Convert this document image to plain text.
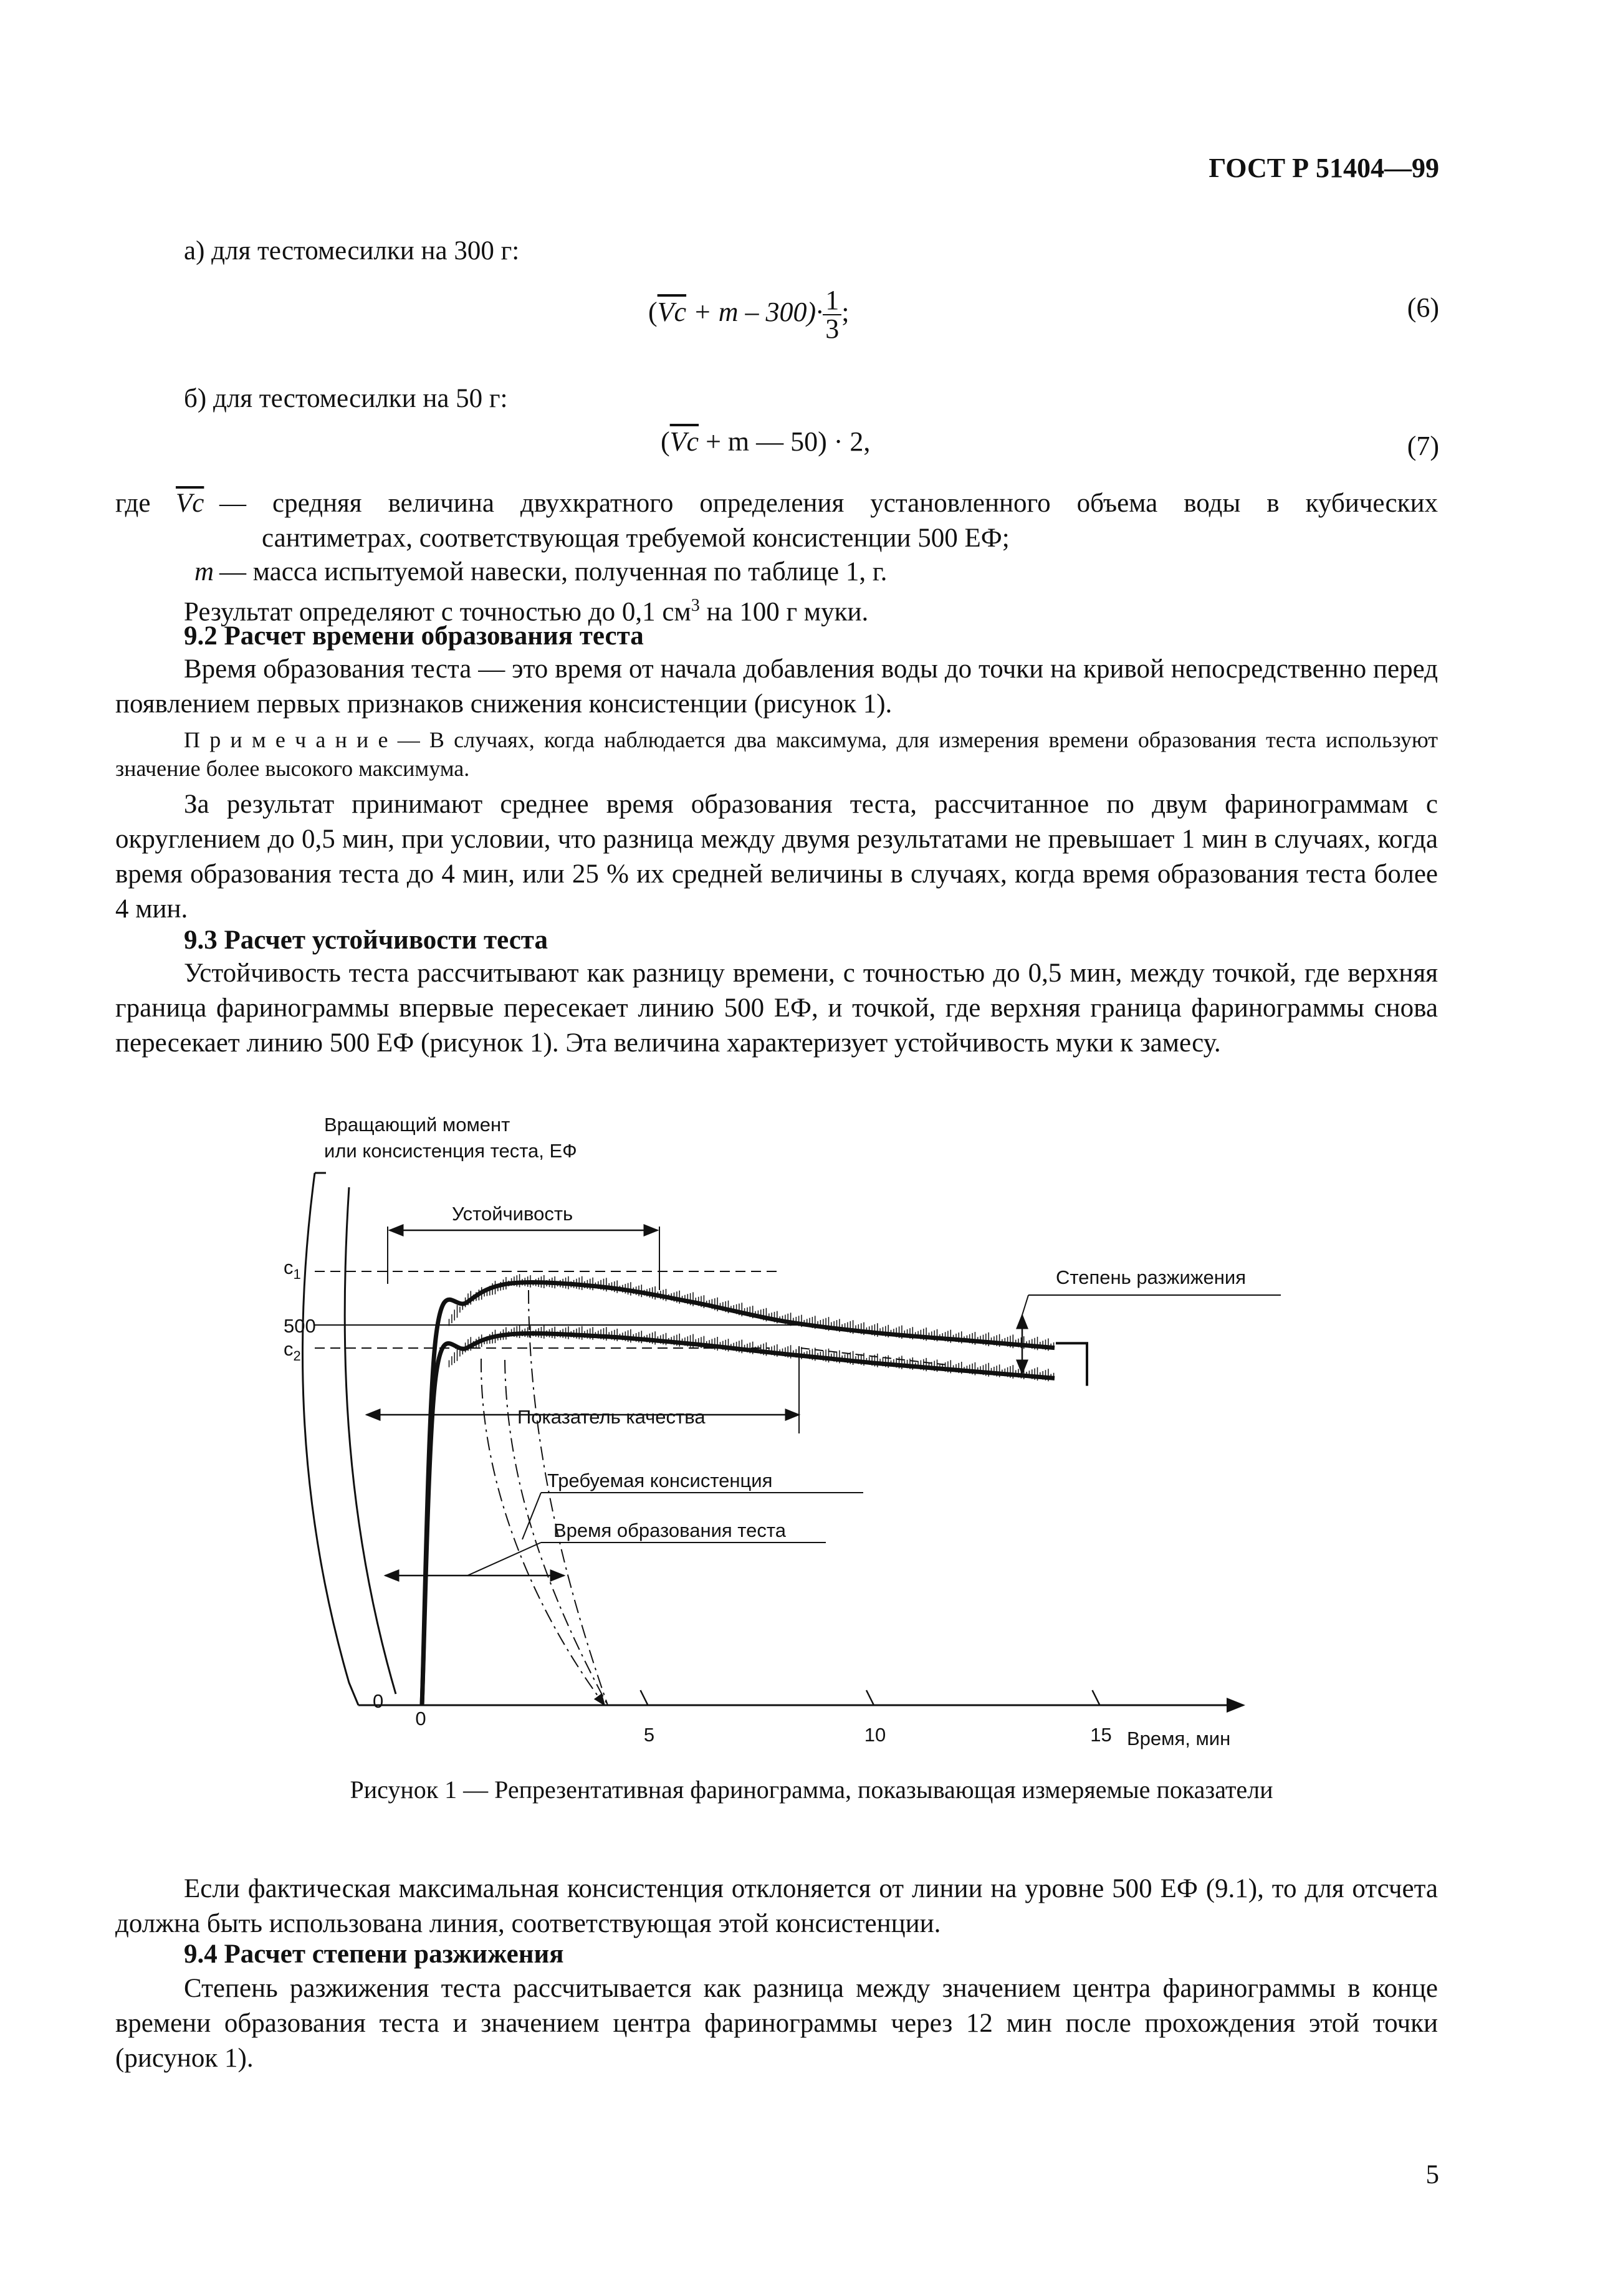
ГОСТ Р 51404—99
а) для тестомесилки на 300 г:
$(\overline{Vc} + m - 300)\cdot \frac{1}{3}$ ;	(6)
б) для тестомесилки на 50 г:
($\overline{Vc} + m$ — 50) · 2,	(7)
где $\overline{Vc}$ — средняя величина двухкратного определения установленного объема воды в кубических
сантиметрах, соответствующая требуемой консистенции 500 ЕФ;
m — масса испытуемой навески, полученная по таблице 1, г.
Результат определяют с точностью до 0,1 $см^3$ на 100 г муки.
9.2 Расчет времени образования теста
Время образования теста — это время от начала добавления воды до точки на кривой непосредственно перед появлением первых признаков снижения консистенции (рисунок 1).
П р и м е ч а н и е — В случаях, когда наблюдается два максимума, для измерения времени образования теста используют значение более высокого максимума.
За результат принимают среднее время образования теста, рассчитанное по двум фаринограммам с округлением до 0,5 мин, при условии, что разница между двумя результатами не превышает 1 мин в случаях, когда время образования теста до 4 мин, или 25 % их средней величины в случаях, когда время образования теста более 4 мин.
9.3 Расчет устойчивости теста
Устойчивость теста рассчитывают как разницу времени, с точностью до 0,5 мин, между точкой, где верхняя граница фаринограммы впервые пересекает линию 500 ЕФ, и точкой, где верхняя граница фаринограммы снова пересекает линию 500 ЕФ (рисунок 1). Эта величина характеризует устойчивость муки к замесу.
Вращающий момент
или консистенция теста, ЕФ
$c_1$
500
$c_2$
0
0
5	10	15
Устойчивость
Степень разжижения
Показатель качества
Требуемая консистенция
Время образования теста
Время, мин
Рисунок 1 — Репрезентативная фаринограмма, показывающая измеряемые показатели
Если фактическая максимальная консистенция отклоняется от линии на уровне 500 ЕФ (9.1), то для отсчета должна быть использована линия, соответствующая этой консистенции.
9.4 Расчет степени разжижения
Степень разжижения теста рассчитывается как разница между значением центра фаринограммы в конце времени образования теста и значением центра фаринограммы через 12 мин после прохождения этой точки (рисунок 1).
5
